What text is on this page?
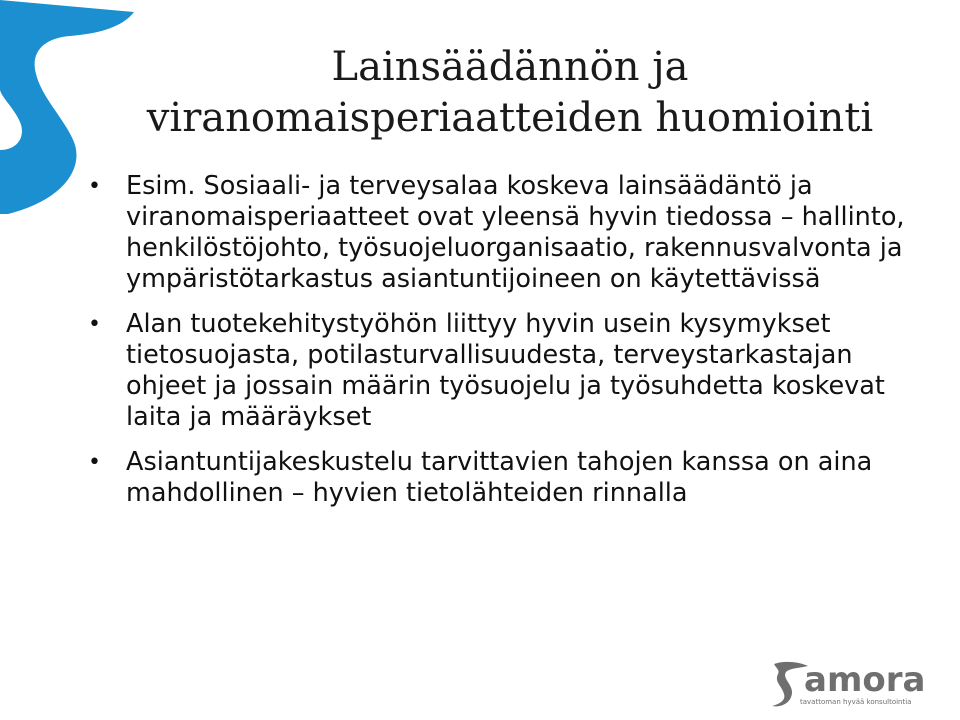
Lainsäädännön ja
viranomaisperiaatteiden huomiointi
• Esim. Sosiaali- ja terveysalaa koskeva lainsäädäntö ja viranomaisperiaatteet ovat yleensä hyvin tiedossa – hallinto, henkilöstöjohto, työsuojeluorganisaatio, rakennusvalvonta ja ympäristötarkastus asiantuntijoineen on käytettävissä
• Alan tuotekehitystyöhön liittyy hyvin usein kysymykset tietosuojasta, potilasturvallisuudesta, terveystarkastajan ohjeet ja jossain määrin työsuojelu ja työsuhdetta koskevat laita ja määräykset
• Asiantuntijakeskustelu tarvittavien tahojen kanssa on aina mahdollinen – hyvien tietolähteiden rinnalla
amora
tavattoman hyvää konsultointia
